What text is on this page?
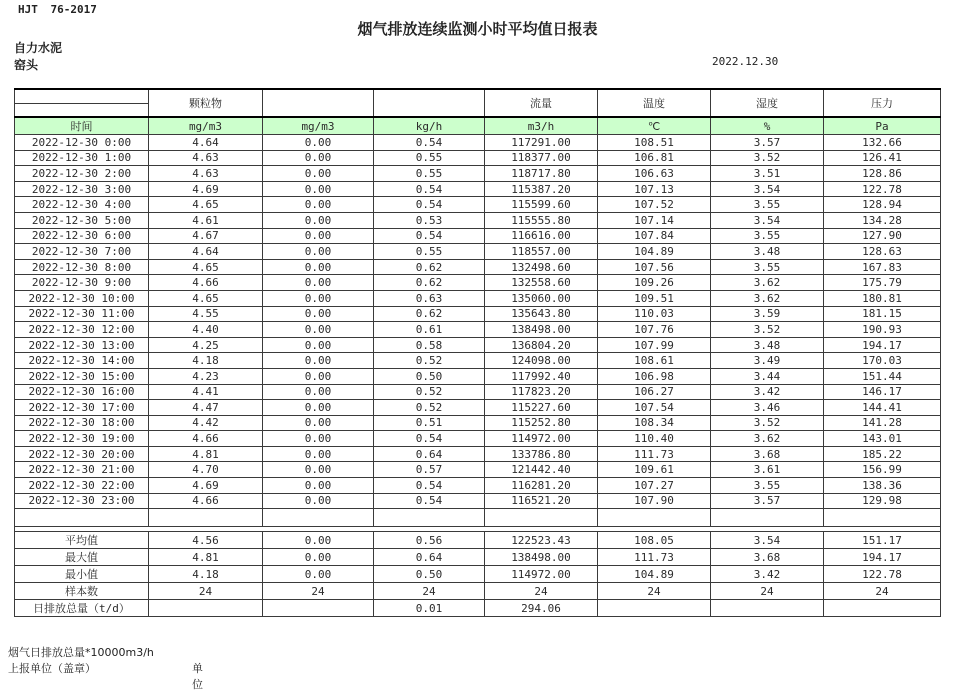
HJT 76-2017
烟气排放连续监测小时平均值日报表
自力水泥
窑头	2022.12.30
	颗粒物			流量	温度	湿度	压力

时间	mg/m3	mg/m3	kg/h	m3/h	℃	%	Pa
2022-12-30 0:00	4.64	0.00	0.54	117291.00	108.51	3.57	132.66
2022-12-30 1:00	4.63	0.00	0.55	118377.00	106.81	3.52	126.41
2022-12-30 2:00	4.63	0.00	0.55	118717.80	106.63	3.51	128.86
2022-12-30 3:00	4.69	0.00	0.54	115387.20	107.13	3.54	122.78
2022-12-30 4:00	4.65	0.00	0.54	115599.60	107.52	3.55	128.94
2022-12-30 5:00	4.61	0.00	0.53	115555.80	107.14	3.54	134.28
2022-12-30 6:00	4.67	0.00	0.54	116616.00	107.84	3.55	127.90
2022-12-30 7:00	4.64	0.00	0.55	118557.00	104.89	3.48	128.63
2022-12-30 8:00	4.65	0.00	0.62	132498.60	107.56	3.55	167.83
2022-12-30 9:00	4.66	0.00	0.62	132558.60	109.26	3.62	175.79
2022-12-30 10:00	4.65	0.00	0.63	135060.00	109.51	3.62	180.81
2022-12-30 11:00	4.55	0.00	0.62	135643.80	110.03	3.59	181.15
2022-12-30 12:00	4.40	0.00	0.61	138498.00	107.76	3.52	190.93
2022-12-30 13:00	4.25	0.00	0.58	136804.20	107.99	3.48	194.17
2022-12-30 14:00	4.18	0.00	0.52	124098.00	108.61	3.49	170.03
2022-12-30 15:00	4.23	0.00	0.50	117992.40	106.98	3.44	151.44
2022-12-30 16:00	4.41	0.00	0.52	117823.20	106.27	3.42	146.17
2022-12-30 17:00	4.47	0.00	0.52	115227.60	107.54	3.46	144.41
2022-12-30 18:00	4.42	0.00	0.51	115252.80	108.34	3.52	141.28
2022-12-30 19:00	4.66	0.00	0.54	114972.00	110.40	3.62	143.01
2022-12-30 20:00	4.81	0.00	0.64	133786.80	111.73	3.68	185.22
2022-12-30 21:00	4.70	0.00	0.57	121442.40	109.61	3.61	156.99
2022-12-30 22:00	4.69	0.00	0.54	116281.20	107.27	3.55	138.36
2022-12-30 23:00	4.66	0.00	0.54	116521.20	107.90	3.57	129.98

平均值	4.56	0.00	0.56	122523.43	108.05	3.54	151.17
最大值	4.81	0.00	0.64	138498.00	111.73	3.68	194.17
最小值	4.18	0.00	0.50	114972.00	104.89	3.42	122.78
样本数	24	24	24	24	24	24	24
日排放总量（t/d）			0.01	294.06			
烟气日排放总量*10000m3/h
上报单位（盖章）	单位
